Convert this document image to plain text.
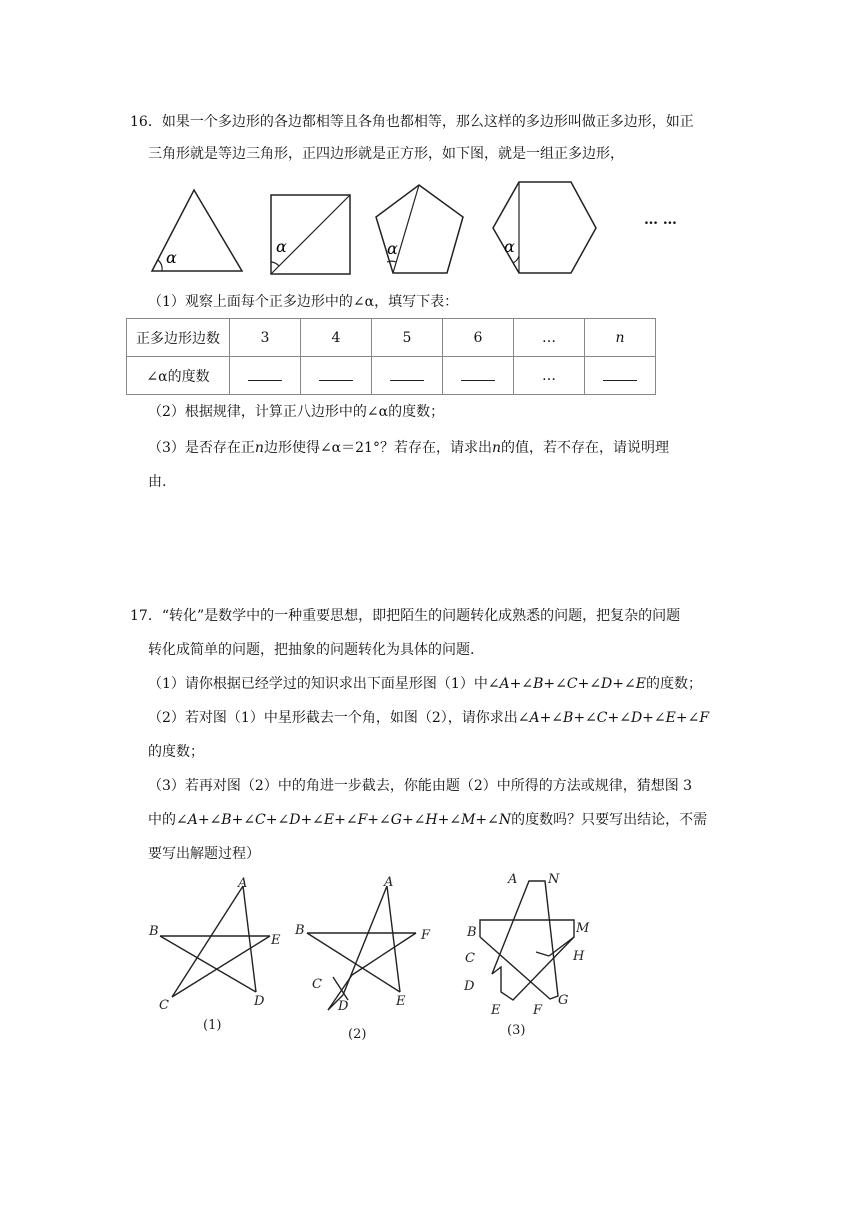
16．如果一个多边形的各边都相等且各角也都相等，那么这样的多边形叫做正多边形，如正
三角形就是等边三角形，正四边形就是正方形，如下图，就是一组正多边形，
α
α	α	α
… …
（1）观察上面每个正多边形中的∠α，填写下表：
正多边形边数	3	4	5	6	…	n
∠α的度数					…	
（2）根据规律，计算正八边形中的∠α的度数；
（3）是否存在正n边形使得∠α＝21°？若存在，请求出n的值，若不存在，请说明理
由.
17．“转化”是数学中的一种重要思想，即把陌生的问题转化成熟悉的问题，把复杂的问题
转化成简单的问题，把抽象的问题转化为具体的问题.
（1）请你根据已经学过的知识求出下面星形图（1）中∠A+∠B+∠C+∠D+∠E的度数；
（2）若对图（1）中星形截去一个角，如图（2），请你求出∠A+∠B+∠C+∠D+∠E+∠F
的度数；
（3）若再对图（2）中的角进一步截去，你能由题（2）中所得的方法或规律，猜想图 3
中的∠A+∠B+∠C+∠D+∠E+∠F+∠G+∠H+∠M+∠N的度数吗？只要写出结论，不需
要写出解题过程）
A
B
C	D
E
(1)
A
B
C
D	E
F
(2)
A N
B	M
C	H
D
G
E	F
(3)
